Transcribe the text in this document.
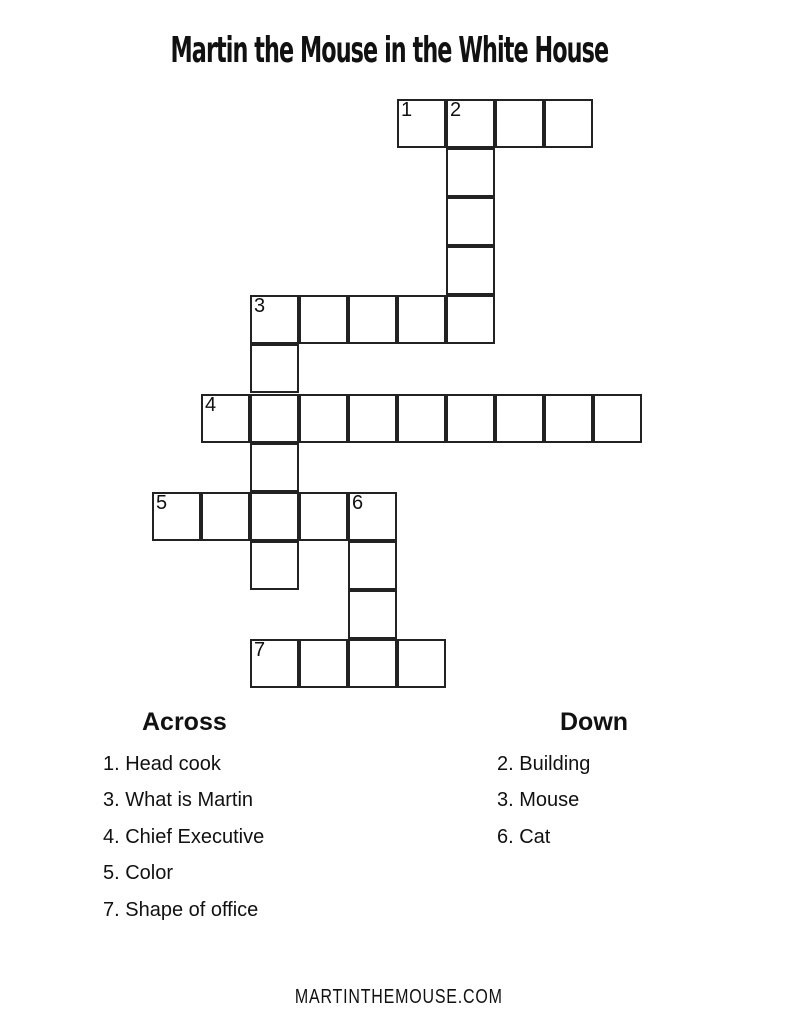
Martin the Mouse in the White House
1 2
3
4
5	6
7
Across
1. Head cook
3. What is Martin
4. Chief Executive
5. Color
7. Shape of office
Down
2. Building
3. Mouse
6. Cat
MARTINTHEMOUSE.COM
